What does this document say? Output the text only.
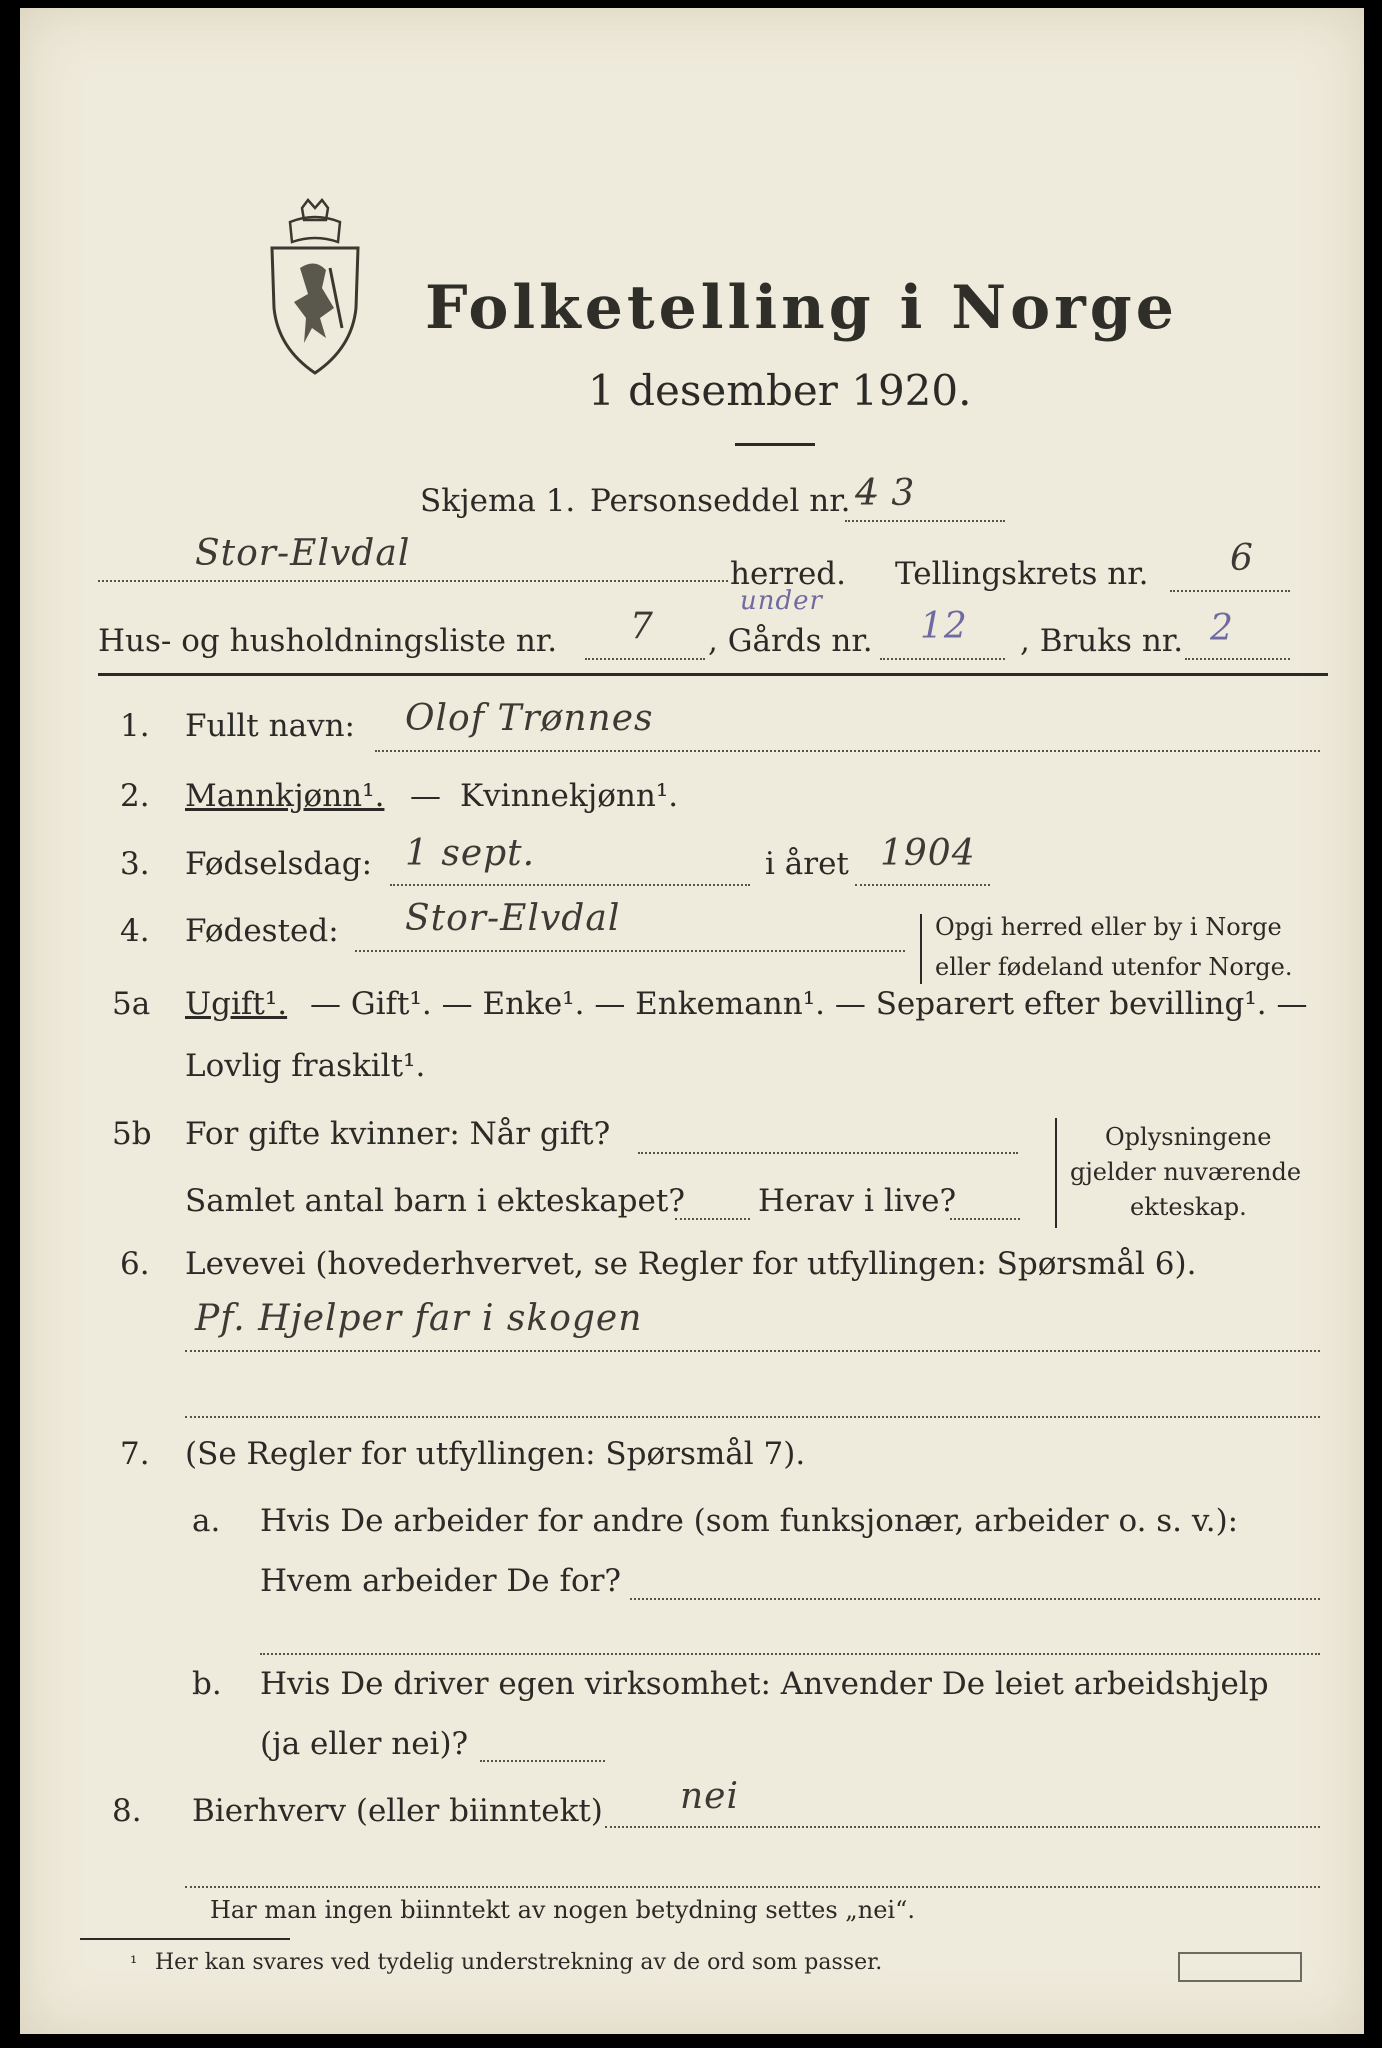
Folketelling i Norge
1 desember 1920.
Skjema 1. Personseddel nr. 4̶ 3
Stor-Elvdal	herred. Tellingskrets nr. 6
Hus- og husholdningsliste nr. 7 , Gårds nr.
under
12 , Bruks nr. 2
1. Fullt navn: Olof Trønnes
2. Mannkjønn¹. — Kvinnekjønn¹.
3. Fødselsdag: 1 sept.	i året 1904
4. Fødested: Stor-Elvdal	Opgi herred eller by i Norge
eller fødeland utenfor Norge.
5a Ugift¹. — Gift¹. — Enke¹. — Enkemann¹. — Separert efter bevilling¹. —
Lovlig fraskilt¹.
5b For gifte kvinner: Når gift?
Samlet antal barn i ekteskapet? Herav i live?
Oplysningene
gjelder nuværende
ekteskap.
6. Levevei (hovederhvervet, se Regler for utfyllingen: Spørsmål 6).
Pf. Hjelper far i skogen
7. (Se Regler for utfyllingen: Spørsmål 7).
a. Hvis De arbeider for andre (som funksjonær, arbeider o. s. v.):
Hvem arbeider De for?
b. Hvis De driver egen virksomhet: Anvender De leiet arbeidshjelp
(ja eller nei)?
8. Bierhverv (eller biinntekt) nei
Har man ingen biinntekt av nogen betydning settes „nei“.
¹ Her kan svares ved tydelig understrekning av de ord som passer.
